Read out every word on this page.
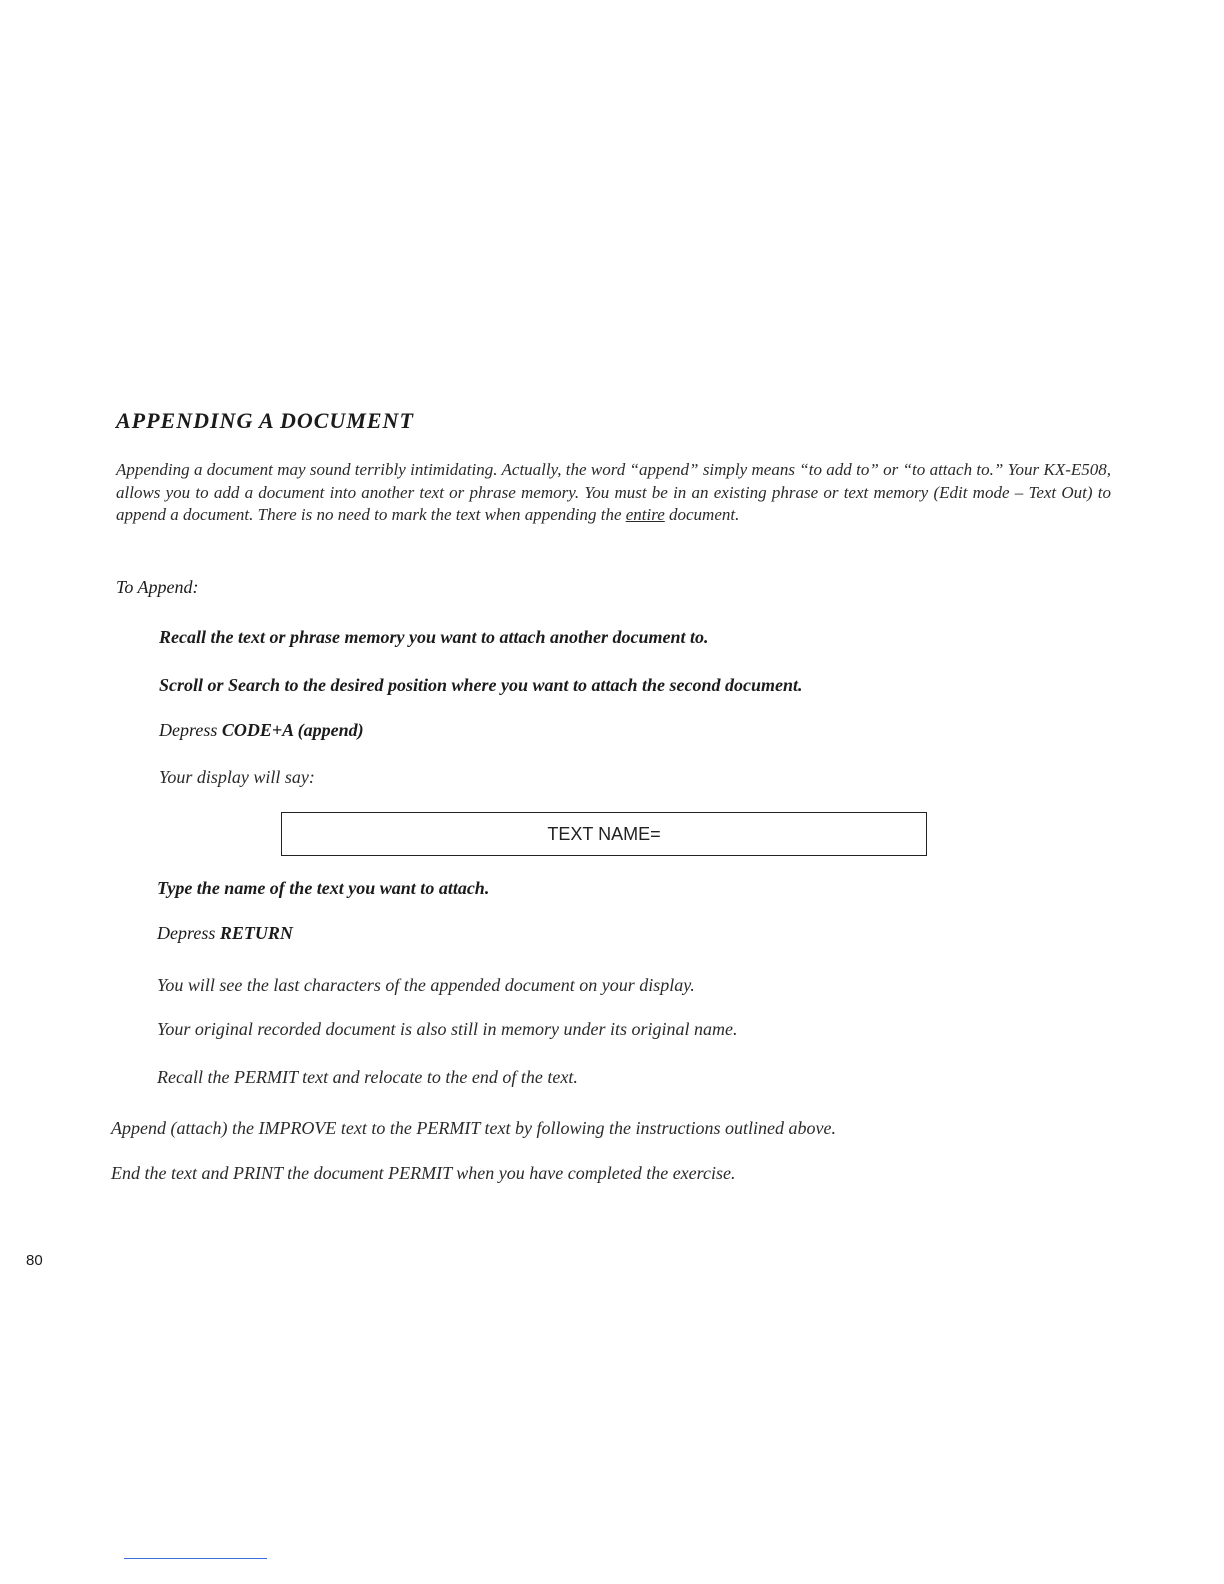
APPENDING A DOCUMENT
Appending a document may sound terribly intimidating. Actually, the word “append” simply means “to add to” or “to attach to.” Your KX-E508, allows you to add a document into another text or phrase memory. You must be in an existing phrase or text memory (Edit mode – Text Out) to append a document. There is no need to mark the text when appending the entire document.
To Append:
Recall the text or phrase memory you want to attach another document to.
Scroll or Search to the desired position where you want to attach the second document.
Depress CODE+A (append)
Your display will say:
TEXT NAME=
Type the name of the text you want to attach.
Depress RETURN
You will see the last characters of the appended document on your display.
Your original recorded document is also still in memory under its original name.
Recall the PERMIT text and relocate to the end of the text.
Append (attach) the IMPROVE text to the PERMIT text by following the instructions outlined above.
End the text and PRINT the document PERMIT when you have completed the exercise.
80
